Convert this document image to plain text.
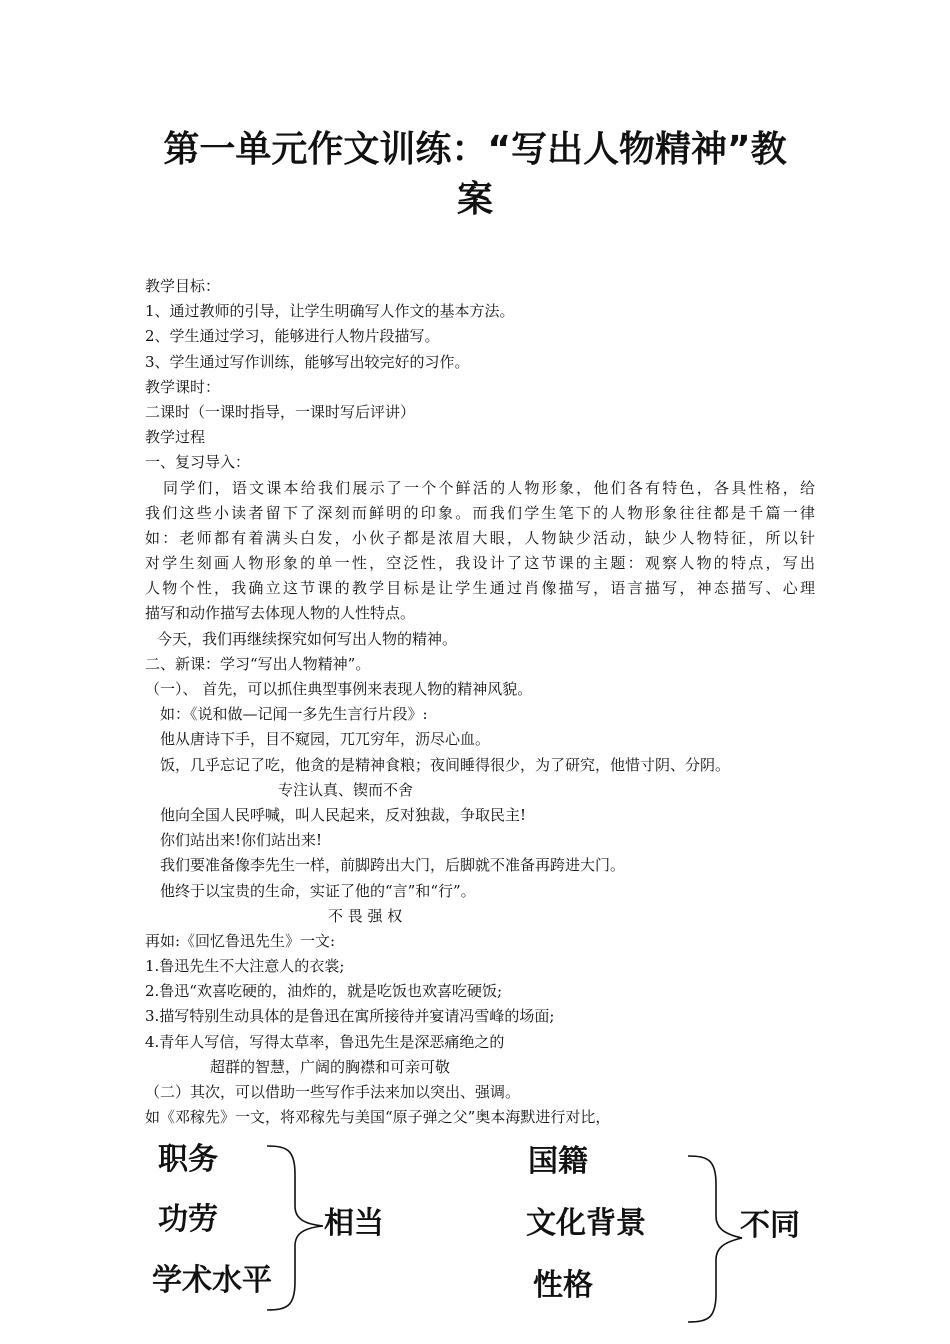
第一单元作文训练：“写出人物精神”教
案
教学目标：
1、通过教师的引导，让学生明确写人作文的基本方法。
2、学生通过学习，能够进行人物片段描写。
3、学生通过写作训练，能够写出较完好的习作。
教学课时：
二课时（一课时指导，一课时写后评讲）
教学过程
一、复习导入：
同学们，语文课本给我们展示了一个个鲜活的人物形象，他们各有特色，各具性格，给
我们这些小读者留下了深刻而鲜明的印象。而我们学生笔下的人物形象往往都是千篇一律
如：老师都有着满头白发，小伙子都是浓眉大眼，人物缺少活动，缺少人物特征，所以针
对学生刻画人物形象的单一性，空泛性，我设计了这节课的主题：观察人物的特点，写出
人物个性，我确立这节课的教学目标是让学生通过肖像描写，语言描写，神态描写、心理
描写和动作描写去体现人物的人性特点。
今天，我们再继续探究如何写出人物的精神。
二、新课：学习“写出人物精神”。
（一）、 首先，可以抓住典型事例来表现人物的精神风貌。
如：《说和做—记闻一多先生言行片段》:
他从唐诗下手，目不窥园，兀兀穷年，沥尽心血。
饭，几乎忘记了吃，他贪的是精神食粮；夜间睡得很少，为了研究，他惜寸阴、分阴。
专注认真、锲而不舍
他向全国人民呼喊，叫人民起来，反对独裁，争取民主!
你们站出来!你们站出来!
我们要准备像李先生一样，前脚跨出大门，后脚就不准备再跨进大门。
他终于以宝贵的生命，实证了他的“言”和“行”。
不 畏 强 权
再如:《回忆鲁迅先生》一文:
1.鲁迅先生不大注意人的衣裳;
2.鲁迅“欢喜吃硬的，油炸的，就是吃饭也欢喜吃硬饭;
3.描写特别生动具体的是鲁迅在寓所接待并宴请冯雪峰的场面;
4.青年人写信，写得太草率，鲁迅先生是深恶痛绝之的
超群的智慧，广阔的胸襟和可亲可敬
（二）其次，可以借助一些写作手法来加以突出、强调。
如《邓稼先》一文，将邓稼先与美国“原子弹之父”奥本海默进行对比，
职务
功劳
学术水平
相当
国籍
文化背景
性格
不同
